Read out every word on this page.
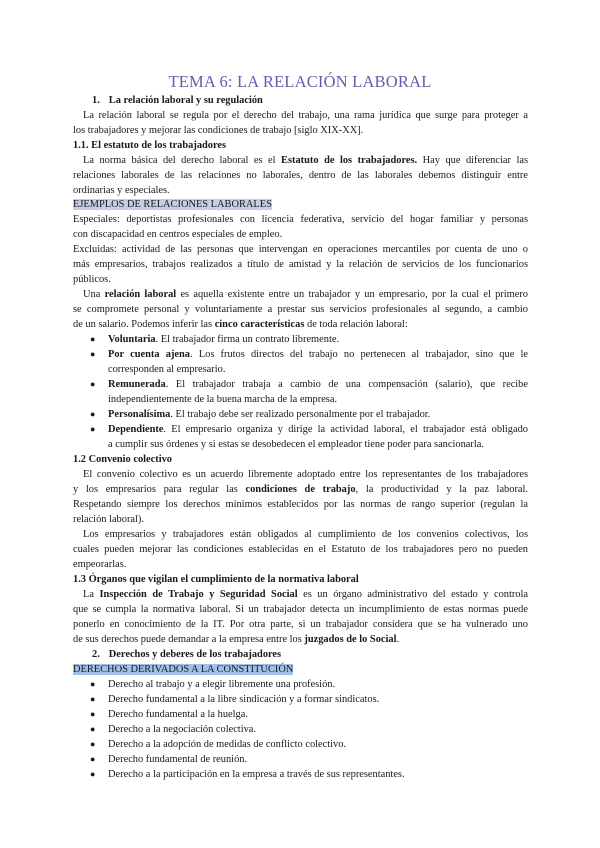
TEMA 6: LA RELACIÓN LABORAL
1. La relación laboral y su regulación
La relación laboral se regula por el derecho del trabajo, una rama jurídica que surge para proteger a
los trabajadores y mejorar las condiciones de trabajo [siglo XIX-XX].
1.1. El estatuto de los trabajadores
La norma básica del derecho laboral es el Estatuto de los trabajadores. Hay que diferenciar las
relaciones laborales de las relaciones no laborales, dentro de las laborales debemos distinguir entre
ordinarias y especiales.
EJEMPLOS DE RELACIONES LABORALES
Especiales: deportistas profesionales con licencia federativa, servicio del hogar familiar y personas
con discapacidad en centros especiales de empleo.
Excluidas: actividad de las personas que intervengan en operaciones mercantiles por cuenta de uno o
más empresarios, trabajos realizados a título de amistad y la relación de servicios de los funcionarios
públicos.
Una relación laboral es aquella existente entre un trabajador y un empresario, por la cual el primero
se compromete personal y voluntariamente a prestar sus servicios profesionales al segundo, a cambio
de un salario. Podemos inferir las cinco características de toda relación laboral:
● Voluntaria. El trabajador firma un contrato libremente.
● Por cuenta ajena. Los frutos directos del trabajo no pertenecen al trabajador, sino que le
corresponden al empresario.
● Remunerada. El trabajador trabaja a cambio de una compensación (salario), que recibe
independientemente de la buena marcha de la empresa.
● Personalísima. El trabajo debe ser realizado personalmente por el trabajador.
● Dependiente. El empresario organiza y dirige la actividad laboral, el trabajador está obligado
a cumplir sus órdenes y si estas se desobedecen el empleador tiene poder para sancionarla.
1.2 Convenio colectivo
El convenio colectivo es un acuerdo libremente adoptado entre los representantes de los trabajadores
y los empresarios para regular las condiciones de trabajo, la productividad y la paz laboral.
Respetando siempre los derechos mínimos establecidos por las normas de rango superior (regulan la
relación laboral).
Los empresarios y trabajadores están obligados al cumplimiento de los convenios colectivos, los
cuales pueden mejorar las condiciones establecidas en el Estatuto de los trabajadores pero no pueden
empeorarlas.
1.3 Órganos que vigilan el cumplimiento de la normativa laboral
La Inspección de Trabajo y Seguridad Social es un órgano administrativo del estado y controla
que se cumpla la normativa laboral. Si un trabajador detecta un incumplimiento de estas normas puede
ponerlo en conocimiento de la IT. Por otra parte, si un trabajador considera que se ha vulnerado uno
de sus derechos puede demandar a la empresa entre los juzgados de lo Social.
2. Derechos y deberes de los trabajadores
DERECHOS DERIVADOS A LA CONSTITUCIÓN
● Derecho al trabajo y a elegir libremente una profesión.
● Derecho fundamental a la libre sindicación y a formar sindicatos.
● Derecho fundamental a la huelga.
● Derecho a la negociación colectiva.
● Derecho a la adopción de medidas de conflicto colectivo.
● Derecho fundamental de reunión.
● Derecho a la participación en la empresa a través de sus representantes.
